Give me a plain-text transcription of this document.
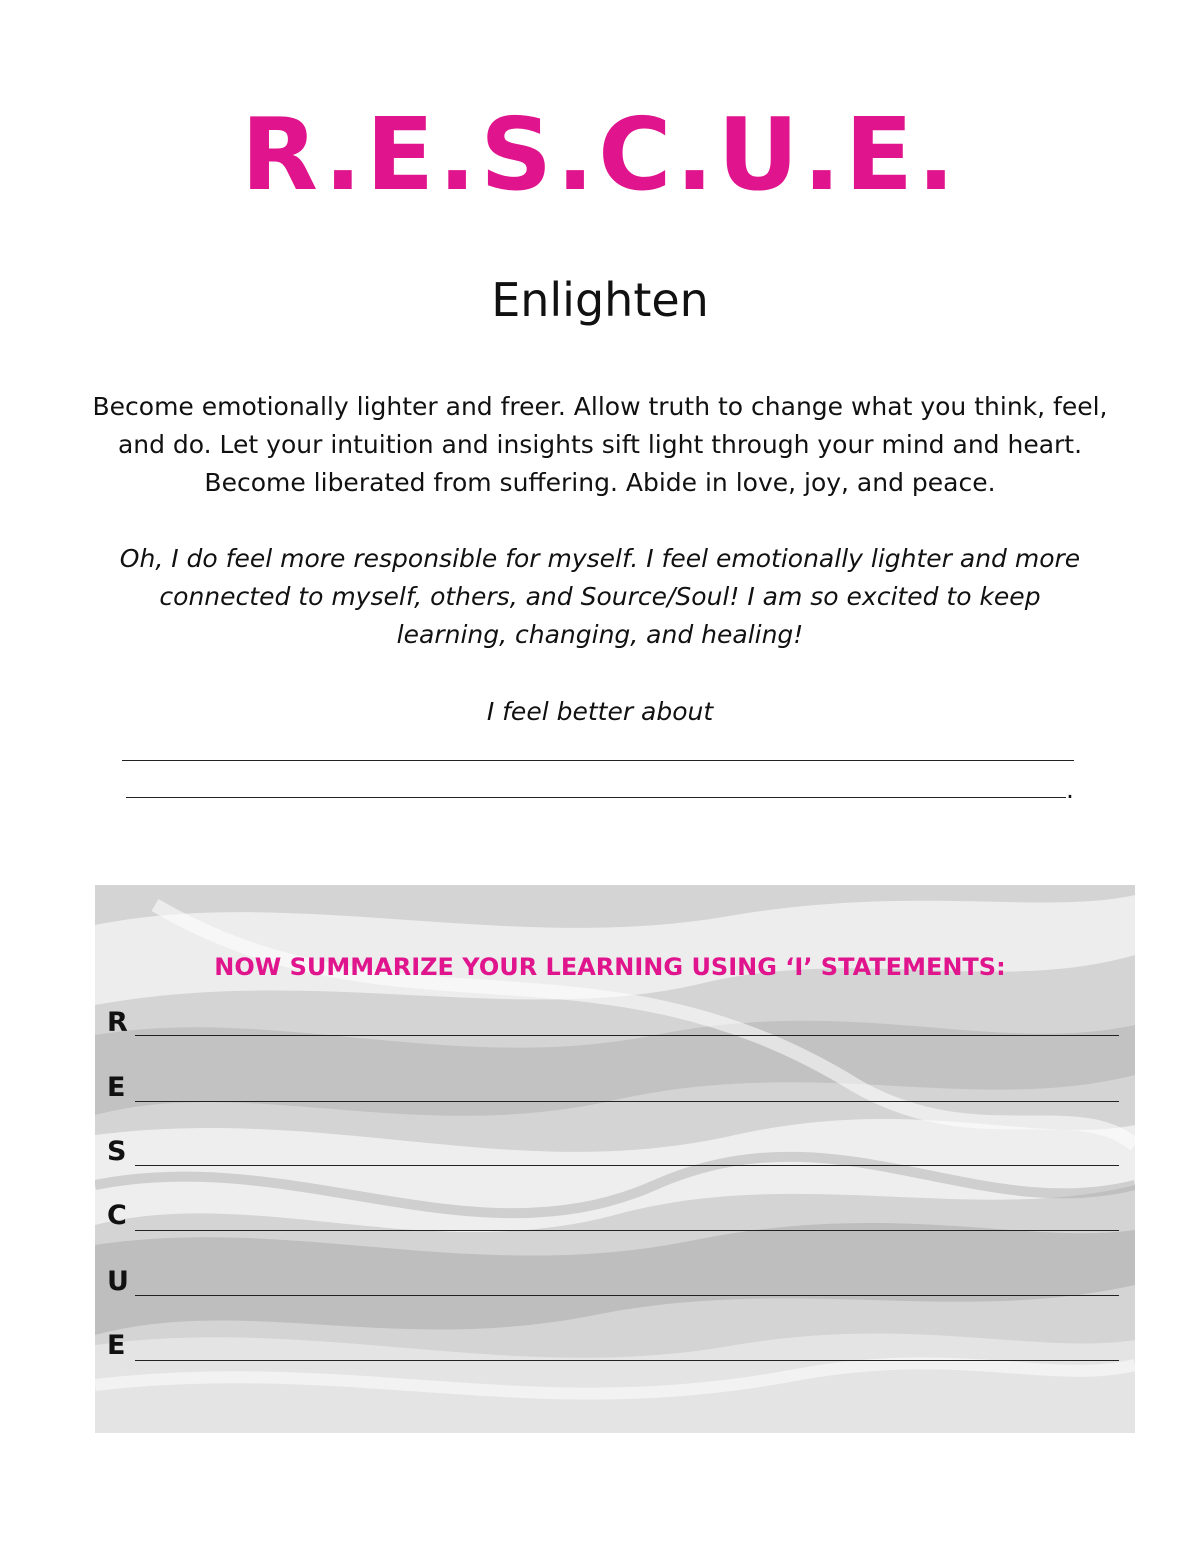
R.E.S.C.U.E.
Enlighten

Become emotionally lighter and freer. Allow truth to change what you think, feel, and do. Let your intuition and insights sift light through your mind and heart. Become liberated from suffering. Abide in love, joy, and peace.

Oh, I do feel more responsible for myself. I feel emotionally lighter and more connected to myself, others, and Source/Soul! I am so excited to keep learning, changing, and healing!

I feel better about

.

NOW SUMMARIZE YOUR LEARNING USING ‘I’ STATEMENTS:

R
E
S
C
U
E
